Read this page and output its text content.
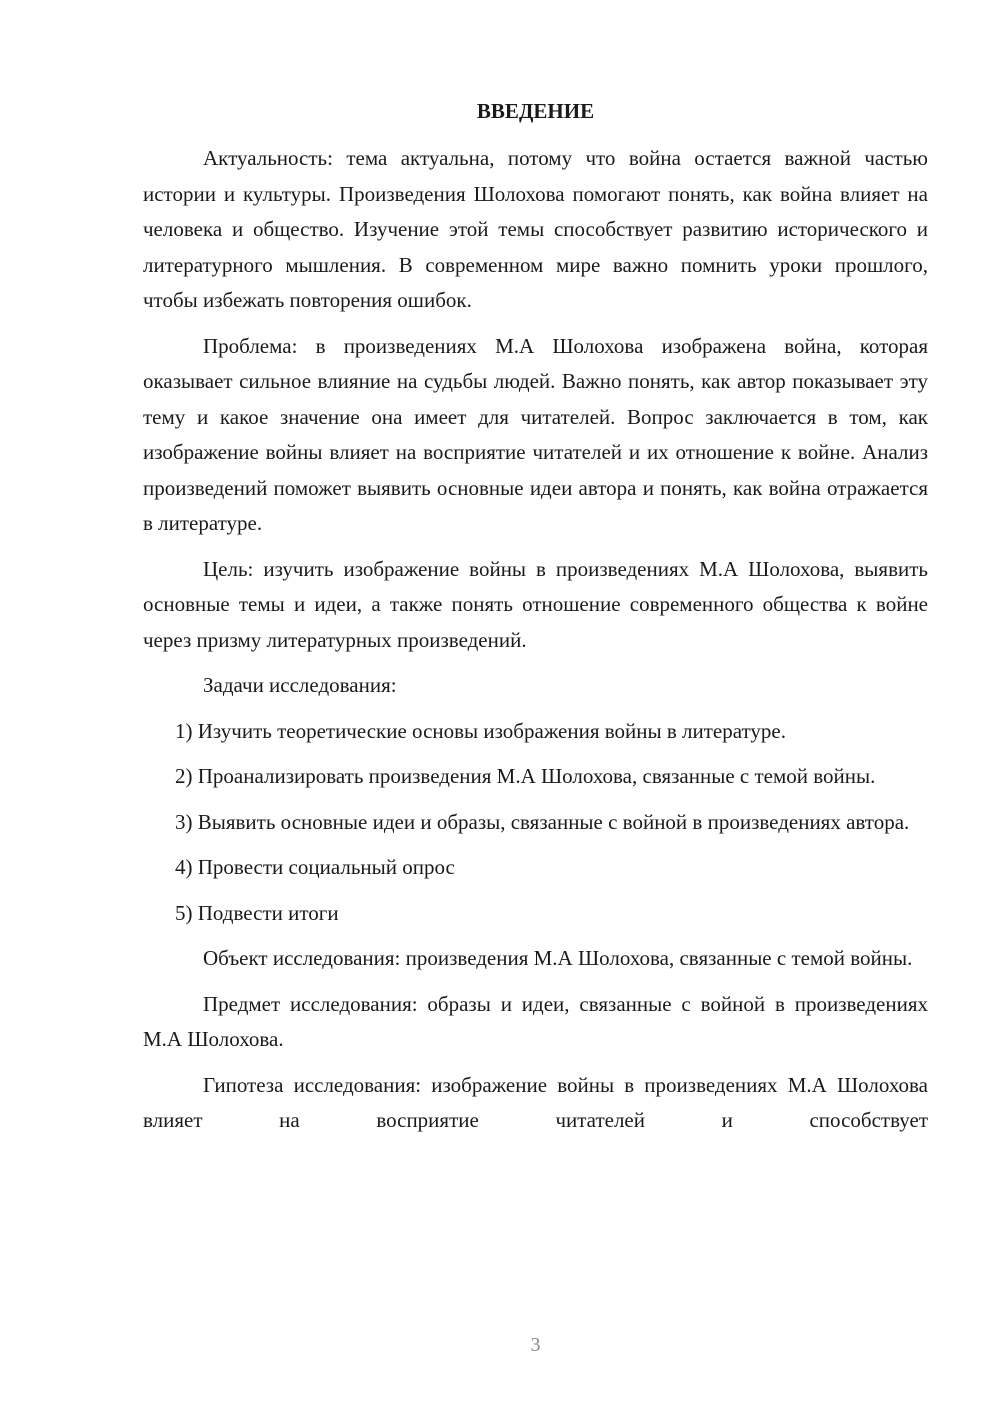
ВВЕДЕНИЕ

Актуальность: тема актуальна, потому что война остается важной частью истории и культуры. Произведения Шолохова помогают понять, как война влияет на человека и общество. Изучение этой темы способствует развитию исторического и литературного мышления. В современном мире важно помнить уроки прошлого, чтобы избежать повторения ошибок.

Проблема: в произведениях М.А Шолохова изображена война, которая оказывает сильное влияние на судьбы людей. Важно понять, как автор показывает эту тему и какое значение она имеет для читателей. Вопрос заключается в том, как изображение войны влияет на восприятие читателей и их отношение к войне. Анализ произведений поможет выявить основные идеи автора и понять, как война отражается в литературе.

Цель: изучить изображение войны в произведениях М.А Шолохова, выявить основные темы и идеи, а также понять отношение современного общества к войне через призму литературных произведений.

Задачи исследования:

1) Изучить теоретические основы изображения войны в литературе.

2) Проанализировать произведения М.А Шолохова, связанные с темой войны.

3) Выявить основные идеи и образы, связанные с войной в произведениях автора.

4) Провести социальный опрос

5) Подвести итоги

Объект исследования: произведения М.А Шолохова, связанные с темой войны.

Предмет исследования: образы и идеи, связанные с войной в произведениях М.А Шолохова.

Гипотеза исследования: изображение войны в произведениях М.А Шолохова влияет на восприятие читателей и способствует

3
